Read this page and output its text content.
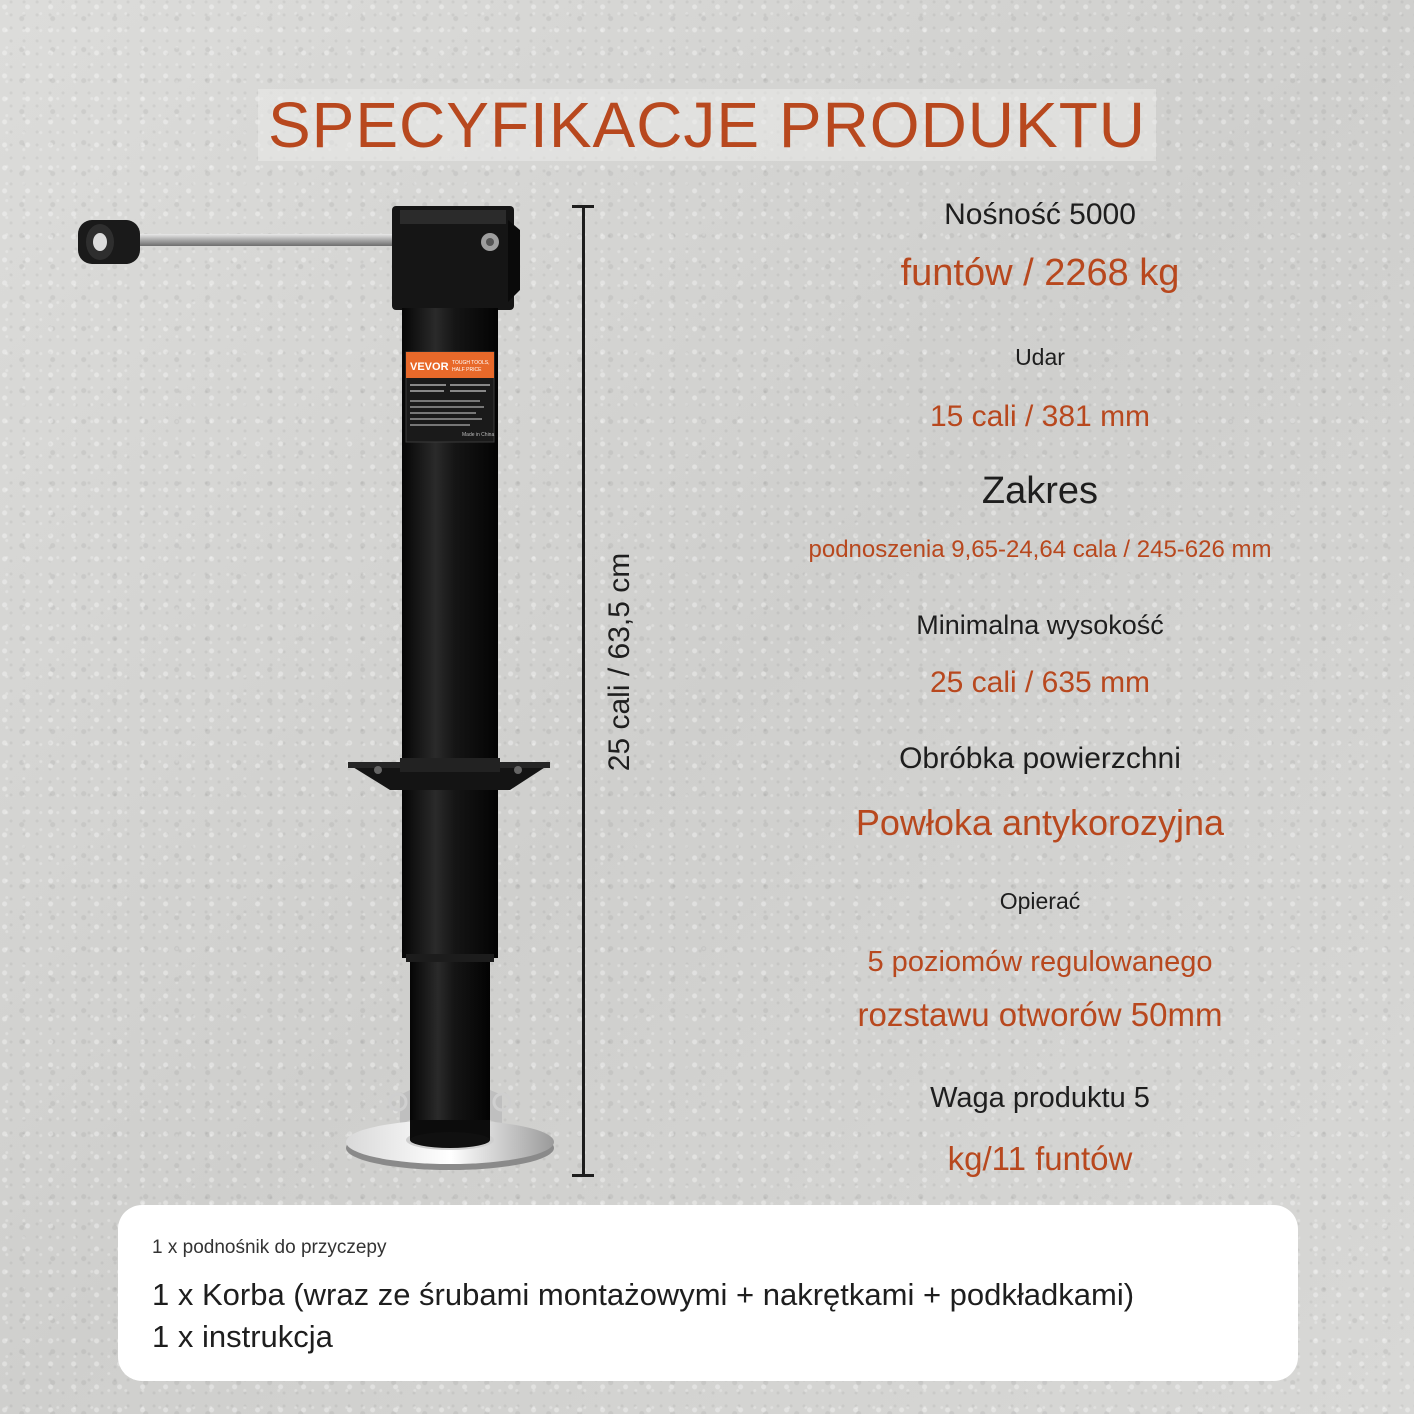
SPECYFIKACJE PRODUKTU
VEVOR TOUGH TOOLS,
HALF PRICE
Made in China
25 cali / 63,5 cm
Nośność 5000
funtów / 2268 kg
Udar
15 cali / 381 mm
Zakres
podnoszenia 9,65-24,64 cala / 245-626 mm
Minimalna wysokość
25 cali / 635 mm
Obróbka powierzchni
Powłoka antykorozyjna
Opierać
5 poziomów regulowanego
rozstawu otworów 50mm
Waga produktu 5
kg/11 funtów
1 x podnośnik do przyczepy
1 x Korba (wraz ze śrubami montażowymi + nakrętkami + podkładkami)
1 x instrukcja
